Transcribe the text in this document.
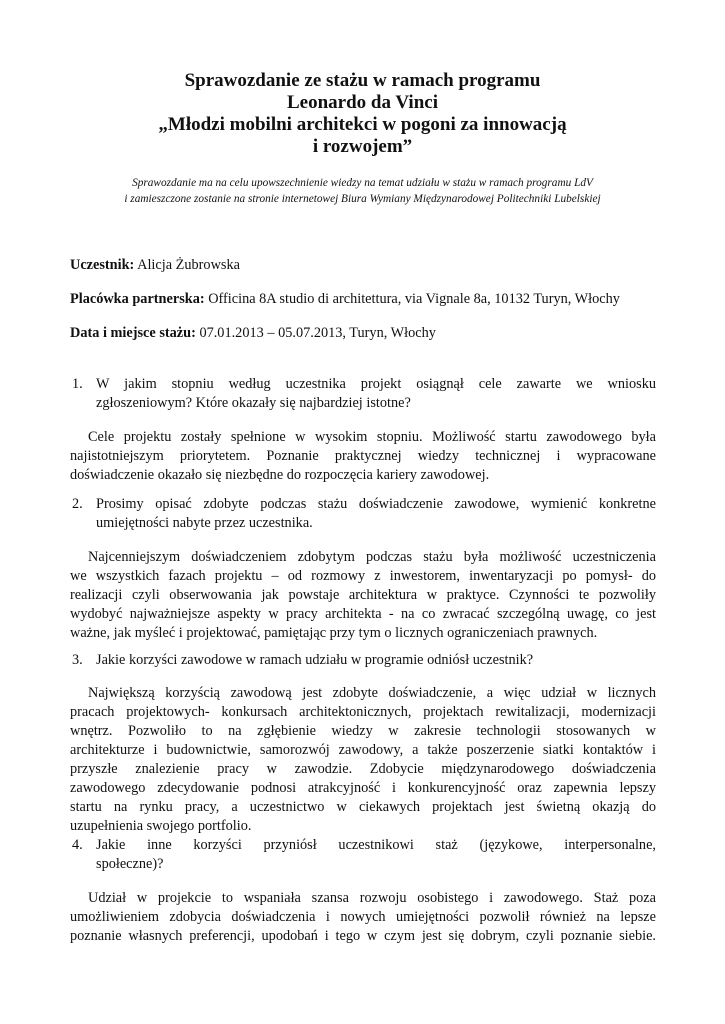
Sprawozdanie ze stażu w ramach programu
Leonardo da Vinci
„Młodzi mobilni architekci w pogoni za innowacją
i rozwojem”
Sprawozdanie ma na celu upowszechnienie wiedzy na temat udziału w stażu w ramach programu LdV
i zamieszczone zostanie na stronie internetowej Biura Wymiany Międzynarodowej Politechniki Lubelskiej
Uczestnik: Alicja Żubrowska
Placówka partnerska: Officina 8A studio di architettura, via Vignale 8a, 10132 Turyn, Włochy
Data i miejsce stażu: 07.01.2013 – 05.07.2013, Turyn, Włochy
1. W jakim stopniu według uczestnika projekt osiągnął cele zawarte we wniosku
zgłoszeniowym? Które okazały się najbardziej istotne?
Cele projektu zostały spełnione w wysokim stopniu. Możliwość startu zawodowego była
najistotniejszym priorytetem. Poznanie praktycznej wiedzy technicznej i wypracowane
doświadczenie okazało się niezbędne do rozpoczęcia kariery zawodowej.
2. Prosimy opisać zdobyte podczas stażu doświadczenie zawodowe, wymienić konkretne
umiejętności nabyte przez uczestnika.
Najcenniejszym doświadczeniem zdobytym podczas stażu była możliwość uczestniczenia
we wszystkich fazach projektu – od rozmowy z inwestorem, inwentaryzacji po pomysł- do
realizacji czyli obserwowania jak powstaje architektura w praktyce. Czynności te pozwoliły
wydobyć najważniejsze aspekty w pracy architekta - na co zwracać szczególną uwagę, co jest
ważne, jak myśleć i projektować, pamiętając przy tym o licznych ograniczeniach prawnych.
3. Jakie korzyści zawodowe w ramach udziału w programie odniósł uczestnik?
Największą korzyścią zawodową jest zdobyte doświadczenie, a więc udział w licznych
pracach projektowych- konkursach architektonicznych, projektach rewitalizacji, modernizacji
wnętrz. Pozwoliło to na zgłębienie wiedzy w zakresie technologii stosowanych w
architekturze i budownictwie, samorozwój zawodowy, a także poszerzenie siatki kontaktów i
przyszłe znalezienie pracy w zawodzie. Zdobycie międzynarodowego doświadczenia
zawodowego zdecydowanie podnosi atrakcyjność i konkurencyjność oraz zapewnia lepszy
startu na rynku pracy, a uczestnictwo w ciekawych projektach jest świetną okazją do
uzupełnienia swojego portfolio.
4. Jakie inne korzyści przyniósł uczestnikowi staż (językowe, interpersonalne,
społeczne)?
Udział w projekcie to wspaniała szansa rozwoju osobistego i zawodowego. Staż poza
umożliwieniem zdobycia doświadczenia i nowych umiejętności pozwolił również na lepsze
poznanie własnych preferencji, upodobań i tego w czym jest się dobrym, czyli poznanie siebie.
